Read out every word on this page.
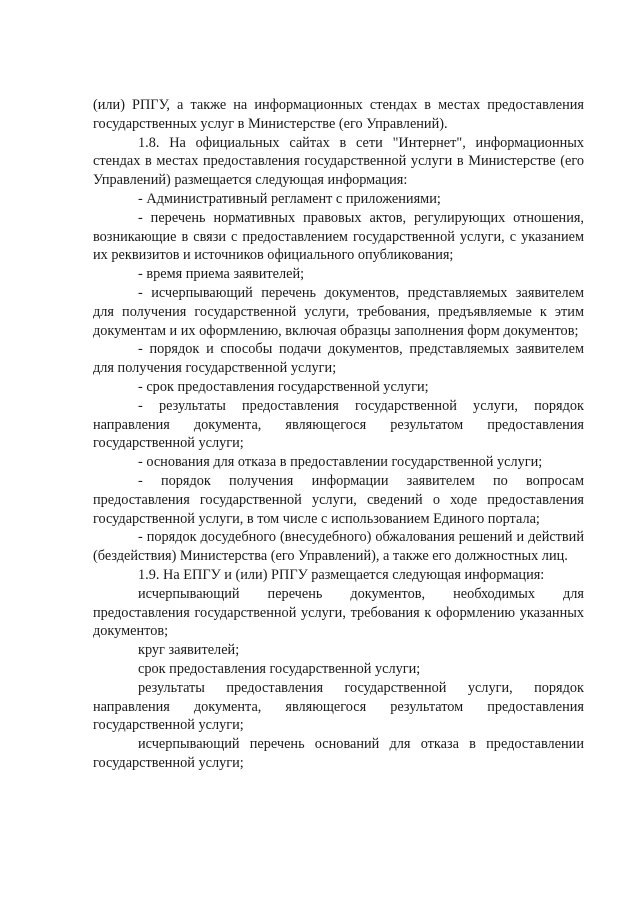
(или) РПГУ, а также на информационных стендах в местах предоставления государственных услуг в Министерстве (его Управлений).

1.8. На официальных сайтах в сети "Интернет", информационных стендах в местах предоставления государственной услуги в Министерстве (его Управлений) размещается следующая информация:

- Административный регламент с приложениями;

- перечень нормативных правовых актов, регулирующих отношения, возникающие в связи с предоставлением государственной услуги, с указанием их реквизитов и источников официального опубликования;

- время приема заявителей;

- исчерпывающий перечень документов, представляемых заявителем для получения государственной услуги, требования, предъявляемые к этим документам и их оформлению, включая образцы заполнения форм документов;

- порядок и способы подачи документов, представляемых заявителем для получения государственной услуги;

- срок предоставления государственной услуги;

- результаты предоставления государственной услуги, порядок направления документа, являющегося результатом предоставления государственной услуги;

- основания для отказа в предоставлении государственной услуги;

- порядок получения информации заявителем по вопросам предоставления государственной услуги, сведений о ходе предоставления государственной услуги, в том числе с использованием Единого портала;

- порядок досудебного (внесудебного) обжалования решений и действий (бездействия) Министерства (его Управлений), а также его должностных лиц.

1.9. На ЕПГУ и (или) РПГУ размещается следующая информация:

исчерпывающий перечень документов, необходимых для предоставления государственной услуги, требования к оформлению указанных документов;

круг заявителей;

срок предоставления государственной услуги;

результаты предоставления государственной услуги, порядок направления документа, являющегося результатом предоставления государственной услуги;

исчерпывающий перечень оснований для отказа в предоставлении государственной услуги;
